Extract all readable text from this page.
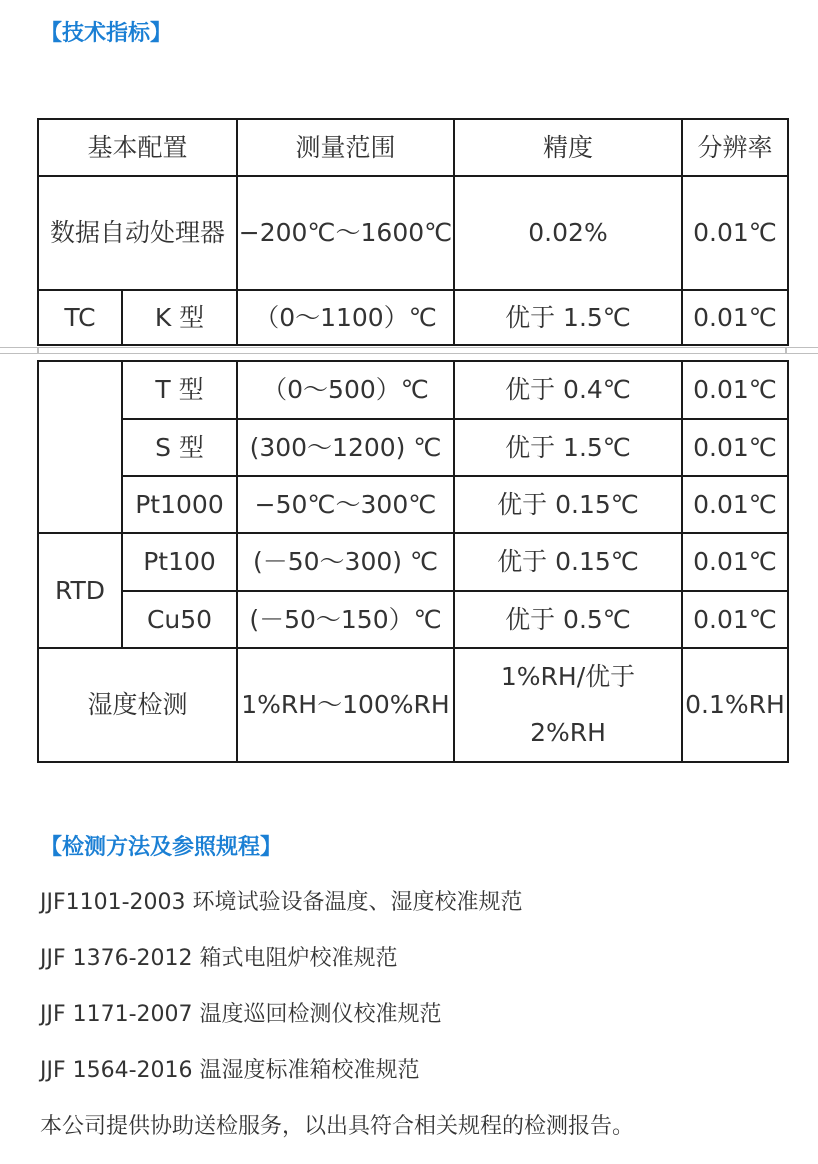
【技术指标】
基本配置		测量范围	精度	分辨率
数据自动处理器		−200℃～1600℃	0.02%	0.01℃
TC	K 型	（0～1100）℃	优于 1.5℃	0.01℃
	T 型	（0～500）℃	优于 0.4℃	0.01℃
	S 型	(300～1200) ℃	优于 1.5℃	0.01℃
	Pt1000	−50℃～300℃	优于 0.15℃	0.01℃
RTD	Pt100	(－50～300) ℃	优于 0.15℃	0.01℃
	Cu50	(－50～150）℃	优于 0.5℃	0.01℃
湿度检测		1%RH～100%RH	1%RH/优于2%RH	0.1%RH
【检测方法及参照规程】
JJF1101-2003 环境试验设备温度、湿度校准规范
JJF 1376-2012 箱式电阻炉校准规范
JJF 1171-2007 温度巡回检测仪校准规范
JJF 1564-2016 温湿度标准箱校准规范
本公司提供协助送检服务，以出具符合相关规程的检测报告。
